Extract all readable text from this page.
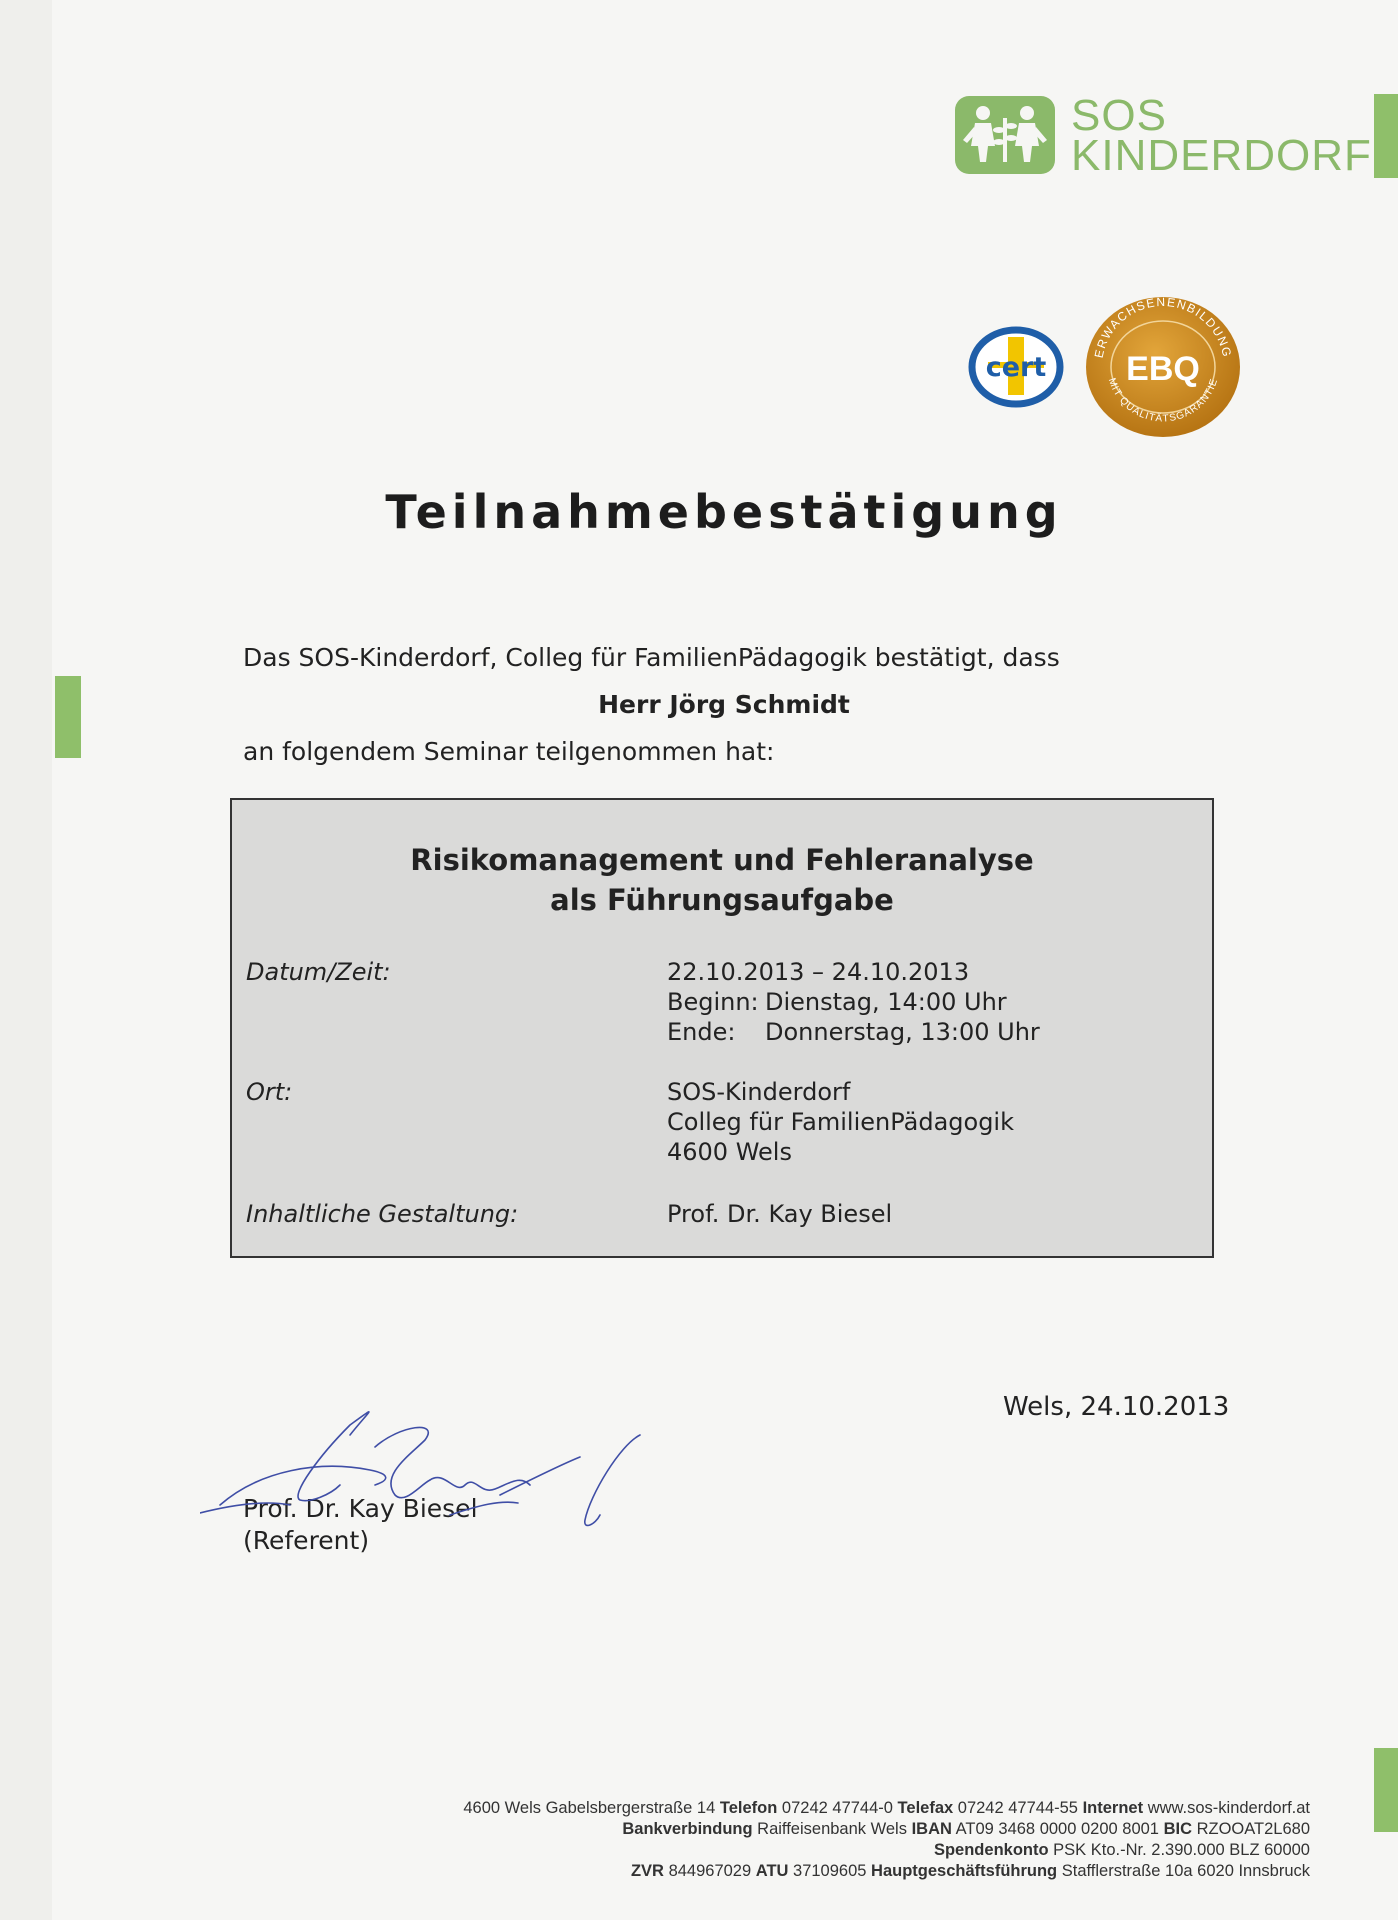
SOS
KINDERDORF
cert	ERWACHSENENBILDUNG
MIT QUALITÄTSGARANTIE
EBQ
Teilnahmebestätigung
Das SOS-Kinderdorf, Colleg für FamilienPädagogik bestätigt, dass
Herr Jörg Schmidt
an folgendem Seminar teilgenommen hat:
Risikomanagement und Fehleranalyse
als Führungsaufgabe
Datum/Zeit:	22.10.2013 – 24.10.2013
Beginn: Dienstag, 14:00 Uhr
Ende: Donnerstag, 13:00 Uhr
Ort:	SOS-Kinderdorf
Colleg für FamilienPädagogik
4600 Wels
Inhaltliche Gestaltung:	Prof. Dr. Kay Biesel
Wels, 24.10.2013
Prof. Dr. Kay Biesel
(Referent)
4600 Wels Gabelsbergerstraße 14 Telefon 07242 47744-0 Telefax 07242 47744-55 Internet www.sos-kinderdorf.at
Bankverbindung Raiffeisenbank Wels IBAN AT09 3468 0000 0200 8001 BIC RZOOAT2L680
Spendenkonto PSK Kto.-Nr. 2.390.000 BLZ 60000
ZVR 844967029 ATU 37109605 Hauptgeschäftsführung Stafflerstraße 10a 6020 Innsbruck
